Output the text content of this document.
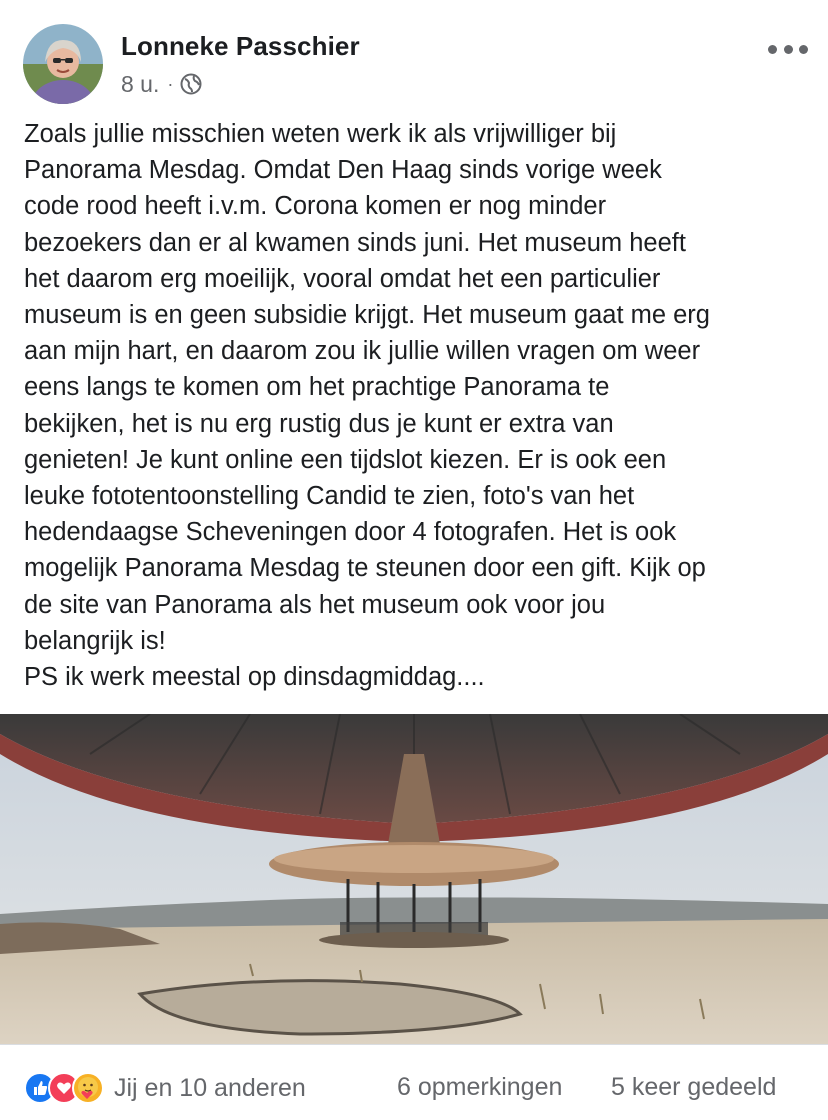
Lonneke Passchier
8 u. ·
Zoals jullie misschien weten werk ik als vrijwilliger bij
Panorama Mesdag. Omdat Den Haag sinds vorige week
code rood heeft i.v.m. Corona komen er nog minder
bezoekers dan er al kwamen sinds juni. Het museum heeft
het daarom erg moeilijk, vooral omdat het een particulier
museum is en geen subsidie krijgt. Het museum gaat me erg
aan mijn hart, en daarom zou ik jullie willen vragen om weer
eens langs te komen om het prachtige Panorama te
bekijken, het is nu erg rustig dus je kunt er extra van
genieten! Je kunt online een tijdslot kiezen. Er is ook een
leuke fototentoonstelling Candid te zien, foto's van het
hedendaagse Scheveningen door 4 fotografen. Het is ook
mogelijk Panorama Mesdag te steunen door een gift. Kijk op
de site van Panorama als het museum ook voor jou
belangrijk is!
PS ik werk meestal op dinsdagmiddag....
Jij en 10 anderen	6 opmerkingen 5 keer gedeeld
